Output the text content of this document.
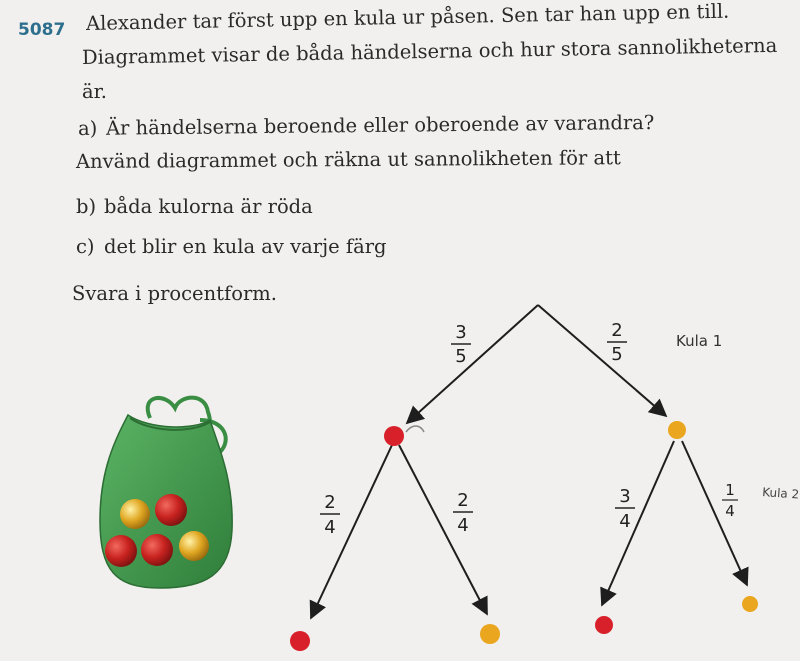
5087 Alexander tar först upp en kula ur påsen. Sen tar han upp en till.
Diagrammet visar de båda händelserna och hur stora sannolikheterna
är.
a) Är händelserna beroende eller oberoende av varandra?
Använd diagrammet och räkna ut sannolikheten för att
b) båda kulorna är röda
c) det blir en kula av varje färg
Svara i procentform.
3
5
2
5
2
4
2
4
3
4
1
4
Kula 1
Kula 2
